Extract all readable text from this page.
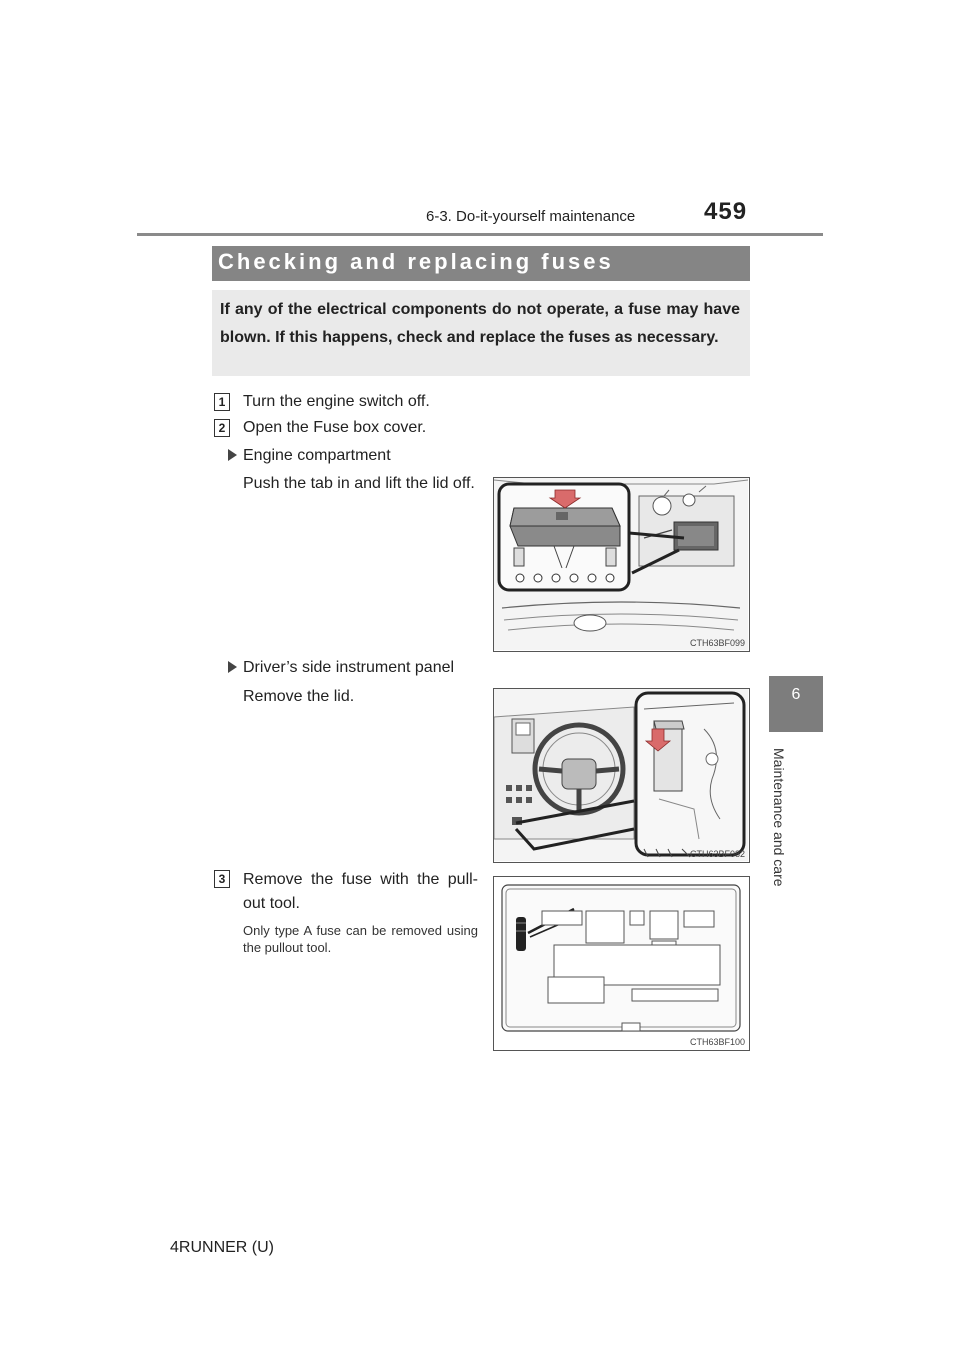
6-3. Do-it-yourself maintenance	459
6
Maintenance and care
Checking and replacing fuses

If any of the electrical components do not operate, a fuse may have blown. If this happens, check and replace the fuses as necessary.

1 Turn the engine switch off.
2 Open the Fuse box cover.
Engine compartment
Push the tab in and lift the lid off.
CTH63BF099
Driver’s side instrument panel
Remove the lid.
CTH63BF082
3 Remove the fuse with the pull-out tool.
Only type A fuse can be removed using the pullout tool.
CTH63BF100
4RUNNER (U)
